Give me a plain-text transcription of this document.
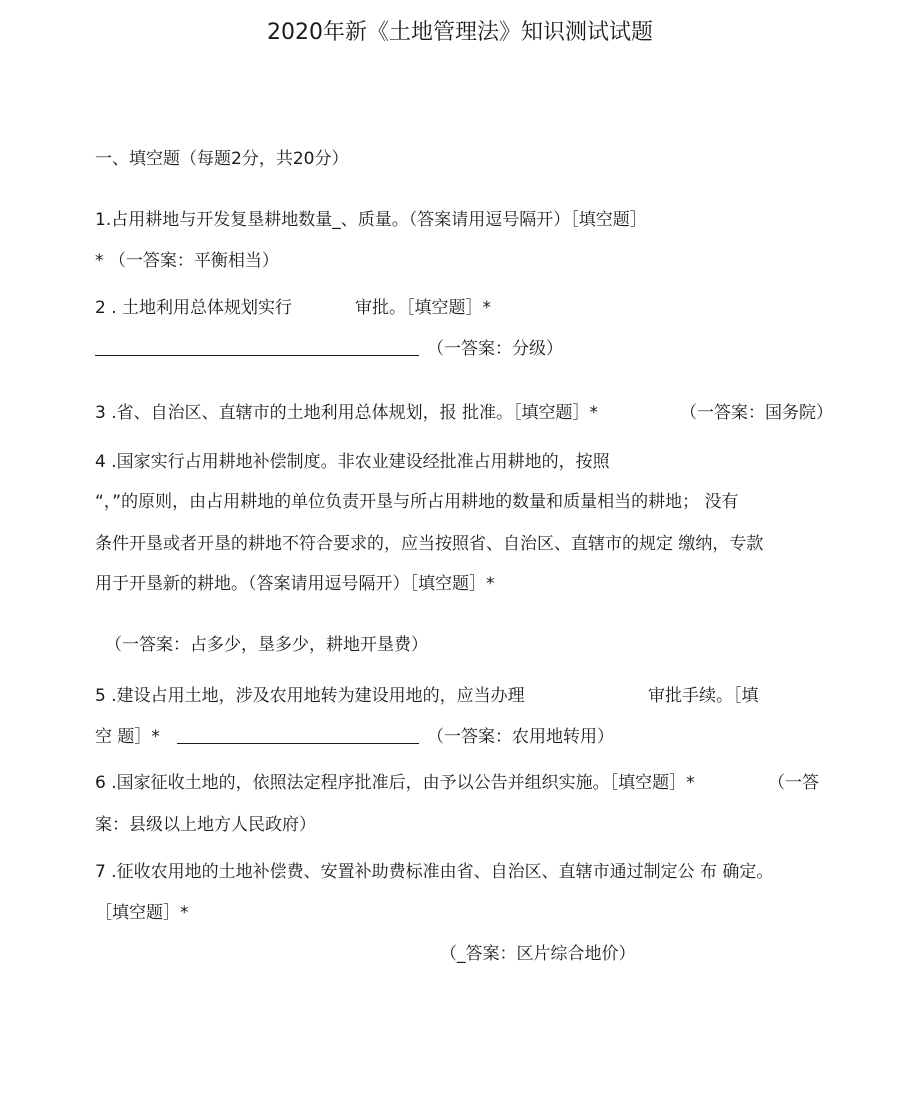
2020年新《土地管理法》知识测试试题
一、填空题（每题2分，共20分）
1.占用耕地与开发复垦耕地数量_、质量。（答案请用逗号隔开）［填空题］
* （一答案：平衡相当）
2 . 土地利用总体规划实行	审批。［填空题］*
（一答案：分级）
3 .省、自治区、直辖市的土地利用总体规划，报 批准。［填空题］*	（一答案：国务院）
4 .国家实行占用耕地补偿制度。非农业建设经批准占用耕地的，按照
“，”的原则，由占用耕地的单位负责开垦与所占用耕地的数量和质量相当的耕地； 没有
条件开垦或者开垦的耕地不符合要求的，应当按照省、自治区、直辖市的规定 缴纳，专款
用于开垦新的耕地。（答案请用逗号隔开）［填空题］*
（一答案：占多少，垦多少，耕地开垦费）
5 .建设占用土地，涉及农用地转为建设用地的，应当办理	审批手续。［填
空 题］*	（一答案：农用地转用）
6 .国家征收土地的，依照法定程序批准后，由予以公告并组织实施。［填空题］*	（一答
案：县级以上地方人民政府）
7 .征收农用地的土地补偿费、安置补助费标准由省、自治区、直辖市通过制定公 布 确定。
［填空题］*
（_答案：区片综合地价）
